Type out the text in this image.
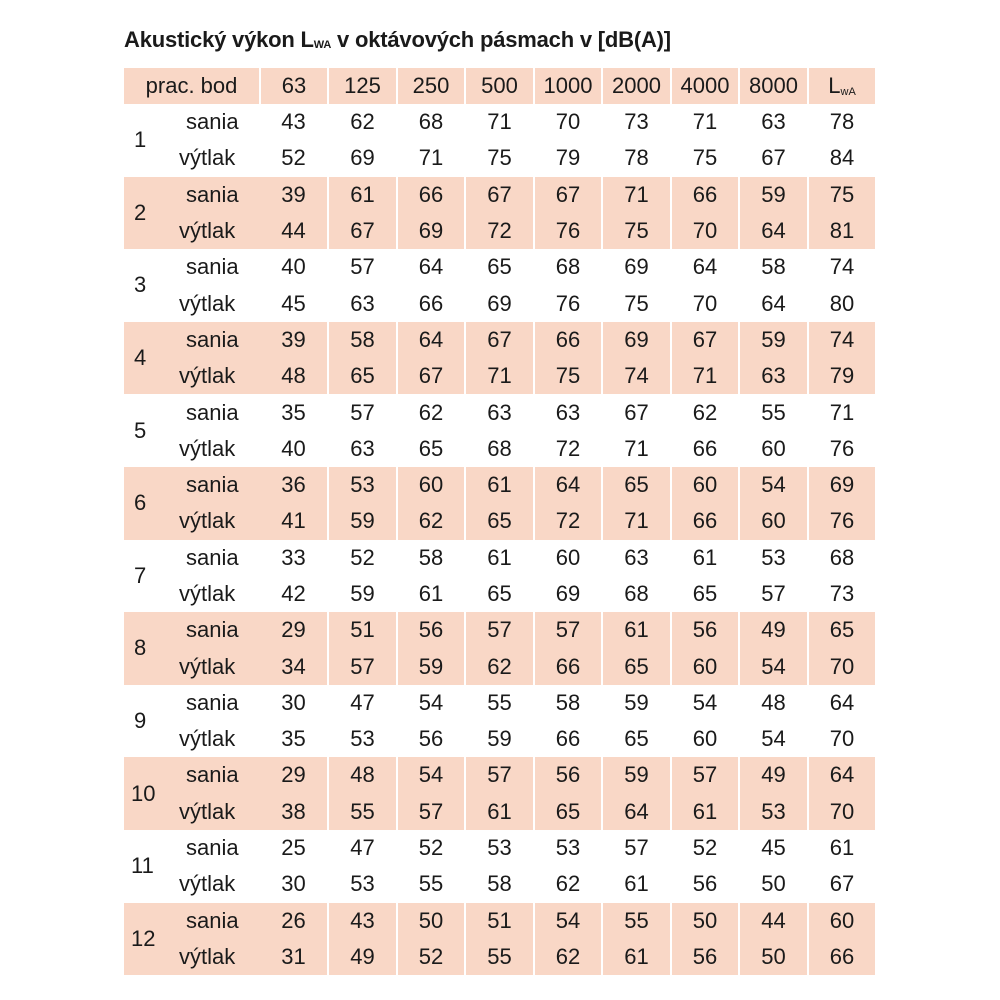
Akustický výkon LWA v oktávových pásmach v [dB(A)]
prac. bod		63	125	250	500	1000	2000	4000	8000	LwA
1	sania	43	62	68	71	70	73	71	63	78
	výtlak	52	69	71	75	79	78	75	67	84
2	sania	39	61	66	67	67	71	66	59	75
	výtlak	44	67	69	72	76	75	70	64	81
3	sania	40	57	64	65	68	69	64	58	74
	výtlak	45	63	66	69	76	75	70	64	80
4	sania	39	58	64	67	66	69	67	59	74
	výtlak	48	65	67	71	75	74	71	63	79
5	sania	35	57	62	63	63	67	62	55	71
	výtlak	40	63	65	68	72	71	66	60	76
6	sania	36	53	60	61	64	65	60	54	69
	výtlak	41	59	62	65	72	71	66	60	76
7	sania	33	52	58	61	60	63	61	53	68
	výtlak	42	59	61	65	69	68	65	57	73
8	sania	29	51	56	57	57	61	56	49	65
	výtlak	34	57	59	62	66	65	60	54	70
9	sania	30	47	54	55	58	59	54	48	64
	výtlak	35	53	56	59	66	65	60	54	70
10	sania	29	48	54	57	56	59	57	49	64
	výtlak	38	55	57	61	65	64	61	53	70
11	sania	25	47	52	53	53	57	52	45	61
	výtlak	30	53	55	58	62	61	56	50	67
12	sania	26	43	50	51	54	55	50	44	60
	výtlak	31	49	52	55	62	61	56	50	66
